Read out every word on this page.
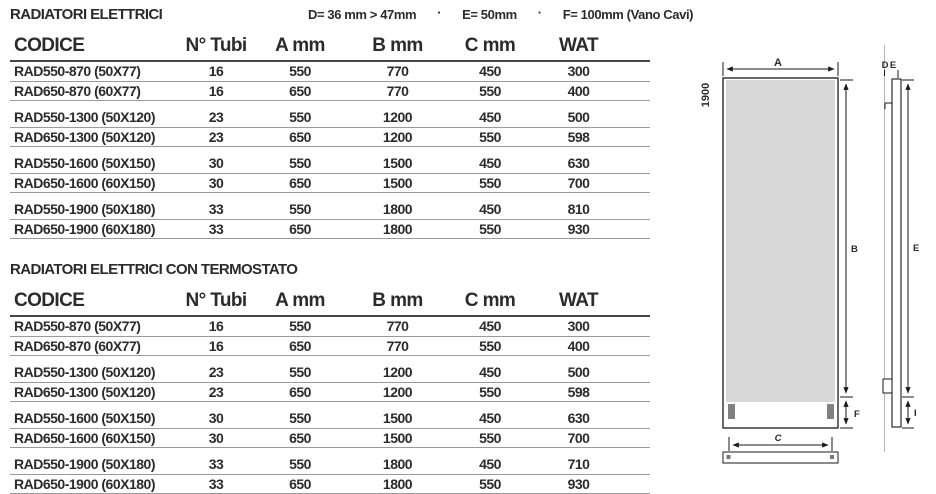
RADIATORI ELETTRICI	D= 36 mm > 47mm · E= 50mm · F= 100mm (Vano Cavi)
CODICE	N° Tubi	A mm	B mm	C mm	WAT
RAD550-870 (50X77)	16	550	770	450	300
RAD650-870 (60X77)	16	650	770	550	400
RAD550-1300 (50X120)	23	550	1200	450	500
RAD650-1300 (50X120)	23	650	1200	550	598
RAD550-1600 (50X150)	30	550	1500	450	630
RAD650-1600 (60X150)	30	650	1500	550	700
RAD550-1900 (50X180)	33	550	1800	450	810
RAD650-1900 (60X180)	33	650	1800	550	930
RADIATORI ELETTRICI CON TERMOSTATO
CODICE	N° Tubi	A mm	B mm	C mm	WAT
RAD550-870 (50X77)	16	550	770	450	300
RAD650-870 (60X77)	16	650	770	550	400
RAD550-1300 (50X120)	23	550	1200	450	500
RAD650-1300 (50X120)	23	650	1200	550	598
RAD550-1600 (50X150)	30	550	1500	450	630
RAD650-1600 (60X150)	30	650	1500	550	700
RAD550-1900 (50X180)	33	550	1800	450	710
RAD650-1900 (60X180)	33	650	1800	550	930
A
1900
B
F
C
D E
E
I
